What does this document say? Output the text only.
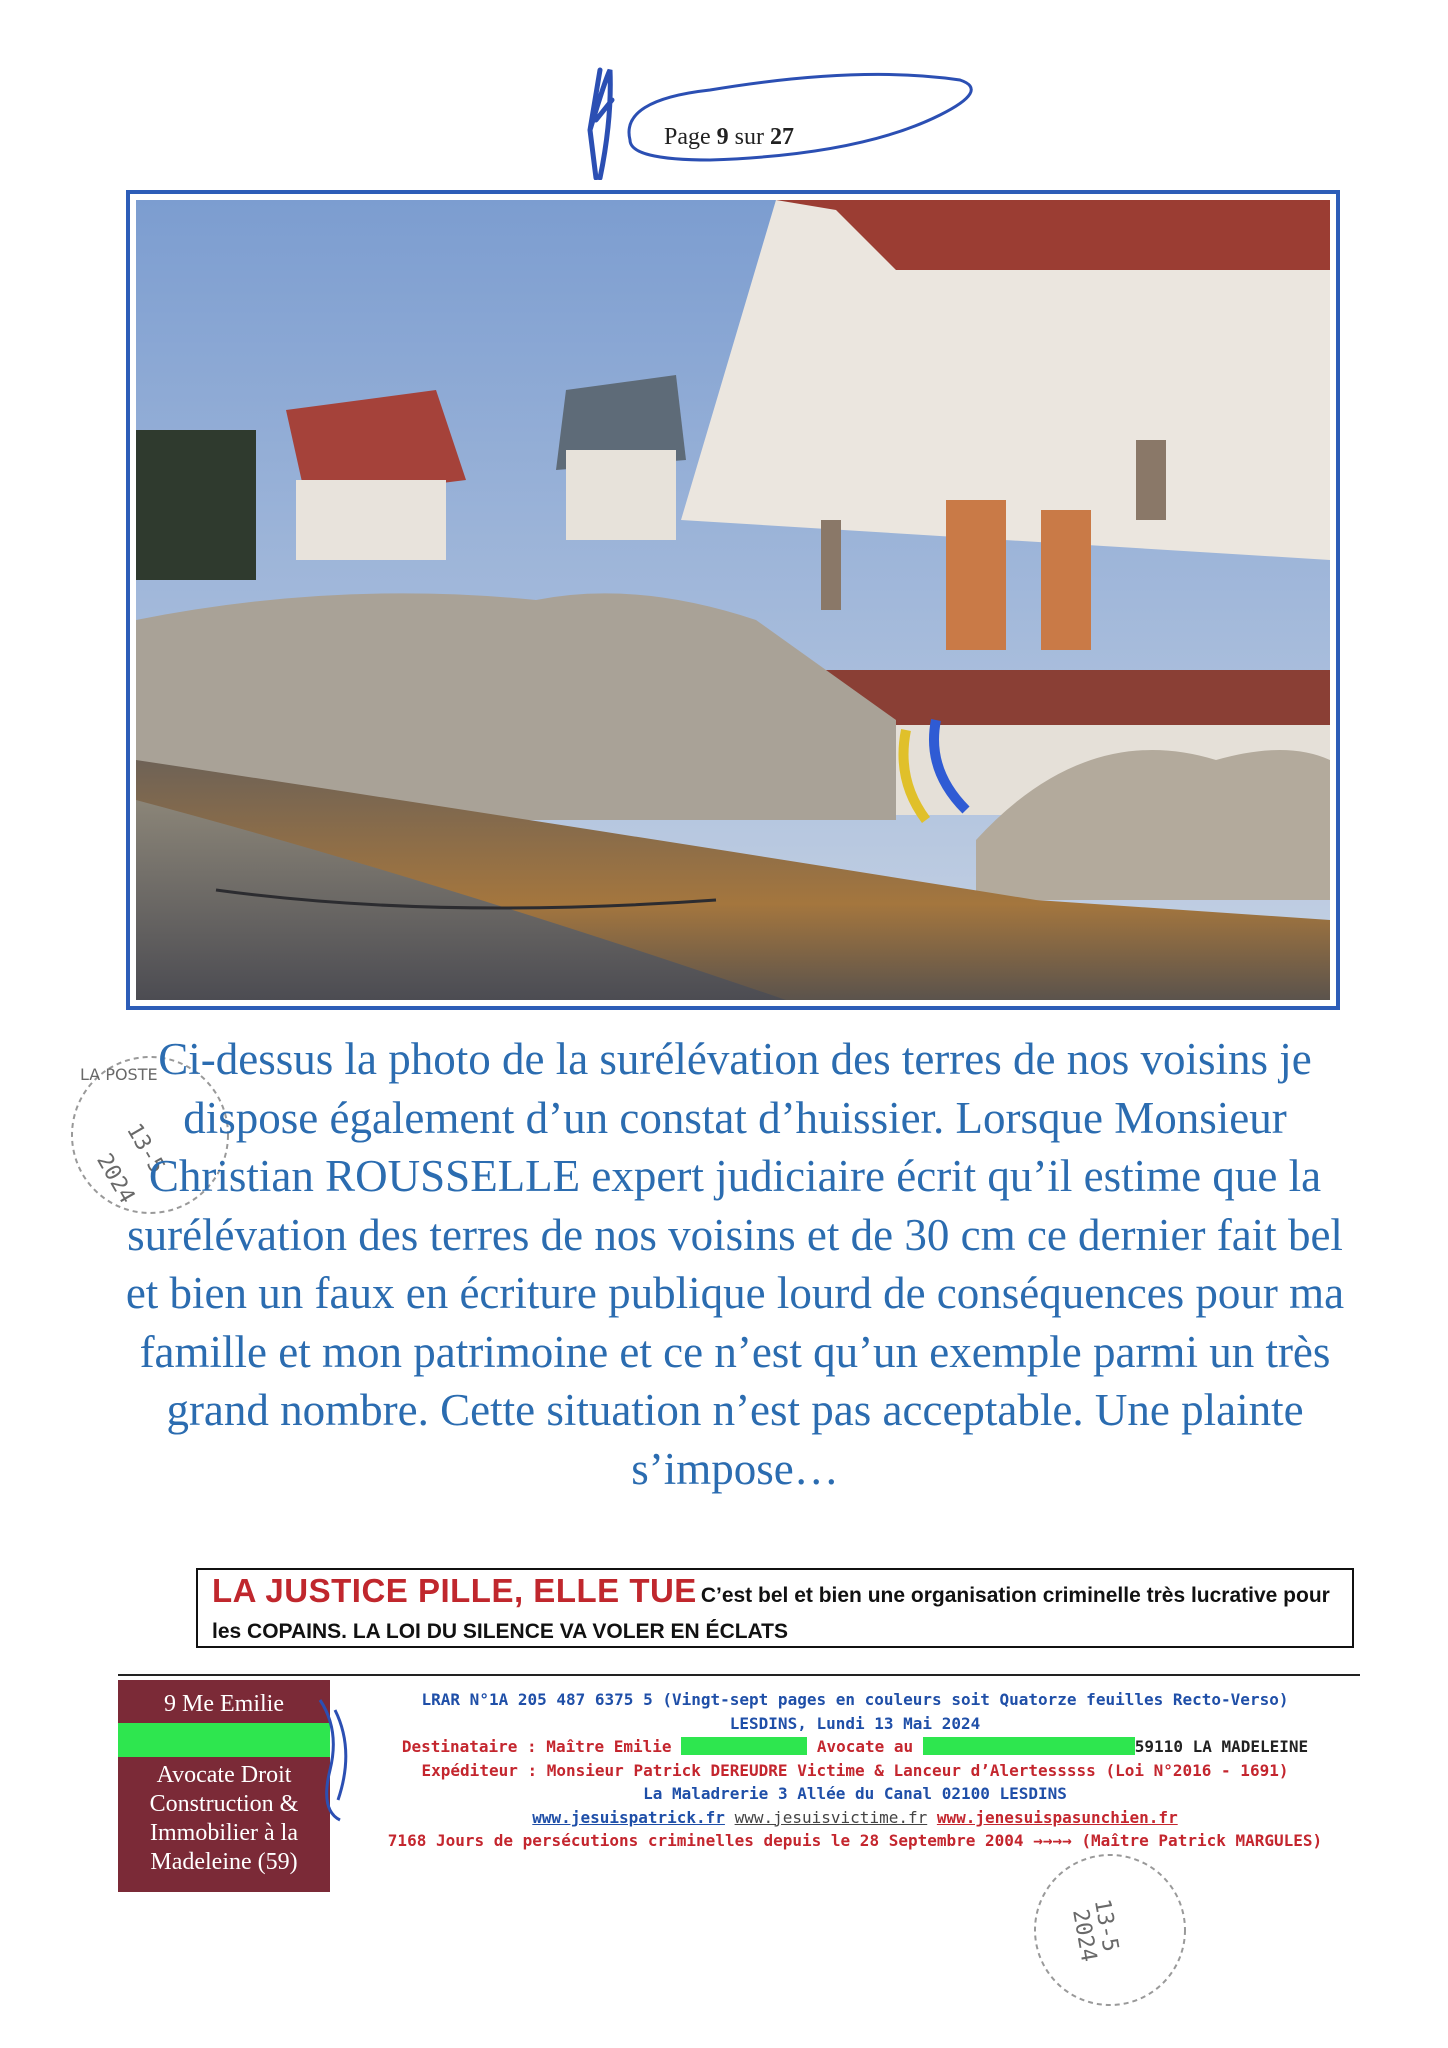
Page 9 sur 27
LA POSTE
13-5
2024
Ci-dessus la photo de la surélévation des terres de nos voisins je dispose également d’un constat d’huissier. Lorsque Monsieur Christian ROUSSELLE expert judiciaire écrit qu’il estime que la surélévation des terres de nos voisins et de 30 cm ce dernier fait bel et bien un faux en écriture publique lourd de conséquences pour ma famille et mon patrimoine et ce n’est qu’un exemple parmi un très grand nombre. Cette situation n’est pas acceptable. Une plainte s’impose…
LA JUSTICE PILLE, ELLE TUE C’est bel et bien une organisation criminelle très lucrative pour les COPAINS. LA LOI DU SILENCE VA VOLER EN ÉCLATS
9 Me Emilie
Avocate Droit
Construction &
Immobilier à la
Madeleine (59)
LRAR N°1A 205 487 6375 5 (Vingt-sept pages en couleurs soit Quatorze feuilles Recto-Verso)
LESDINS, Lundi 13 Mai 2024
Destinataire : Maître Emilie	Avocate au	59110 LA MADELEINE
Expéditeur : Monsieur Patrick DEREUDRE Victime & Lanceur d’Alertesssss (Loi N°2016 - 1691)
La Maladrerie 3 Allée du Canal 02100 LESDINS
www.jesuispatrick.fr www.jesuisvictime.fr www.jenesuispasunchien.fr
7168 Jours de persécutions criminelles depuis le 28 Septembre 2004 →→→→ (Maître Patrick MARGULES)
13-5
2024
